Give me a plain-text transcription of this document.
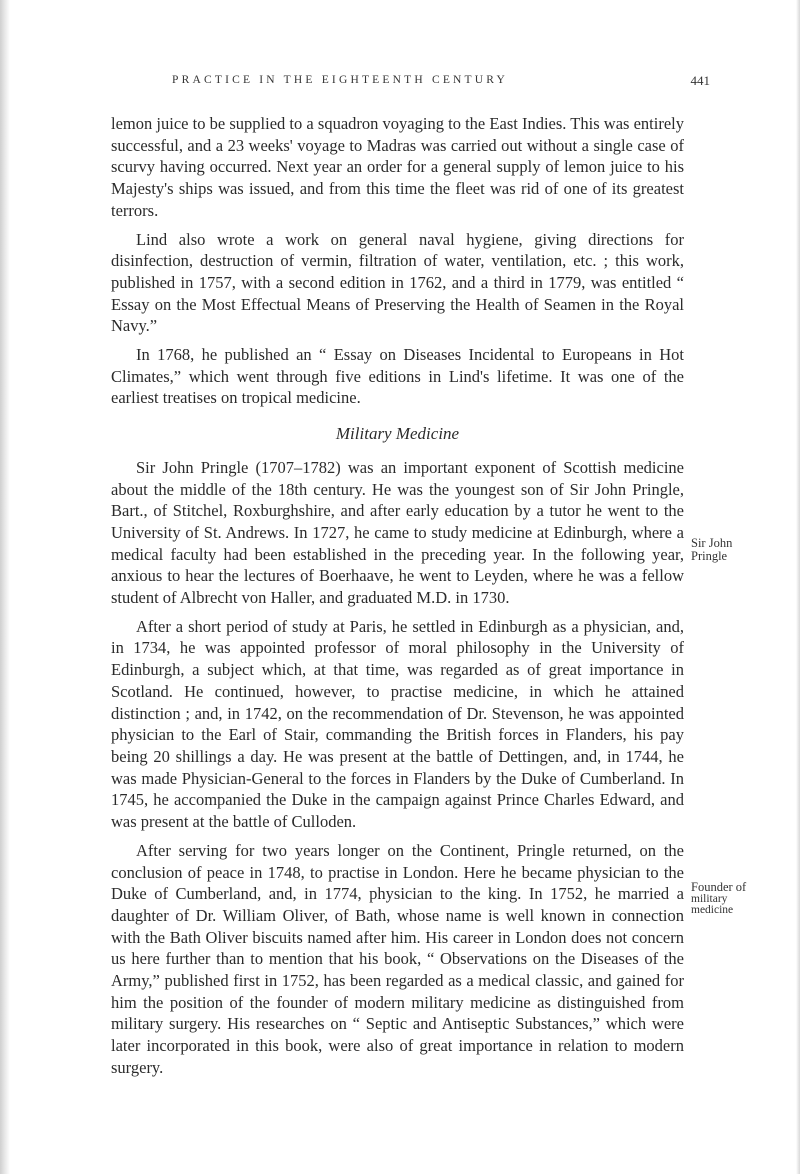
PRACTICE IN THE EIGHTEENTH CENTURY	441

lemon juice to be supplied to a squadron voyaging to the East Indies. This was entirely successful, and a 23 weeks' voyage to Madras was carried out without a single case of scurvy having occurred. Next year an order for a general supply of lemon juice to his Majesty's ships was issued, and from this time the fleet was rid of one of its greatest terrors.

Lind also wrote a work on general naval hygiene, giving directions for disinfection, destruction of vermin, filtration of water, ventilation, etc. ; this work, published in 1757, with a second edition in 1762, and a third in 1779, was entitled “ Essay on the Most Effectual Means of Preserving the Health of Seamen in the Royal Navy.”

In 1768, he published an “ Essay on Diseases Incidental to Europeans in Hot Climates,” which went through five editions in Lind's lifetime. It was one of the earliest treatises on tropical medicine.

Military Medicine

Sir John Pringle (1707–1782) was an important exponent of Scottish medicine about the middle of the 18th century. He was the youngest son of Sir John Pringle, Bart., of Stitchel, Roxburghshire, and after early education by a tutor he went to the University of St. Andrews. In 1727, he came to study medicine at Edinburgh, where a medical faculty had been established in the preceding year. In the following year, anxious to hear the lectures of Boerhaave, he went to Leyden, where he was a fellow student of Albrecht von Haller, and graduated M.D. in 1730.

After a short period of study at Paris, he settled in Edinburgh as a physician, and, in 1734, he was appointed professor of moral philosophy in the University of Edinburgh, a subject which, at that time, was regarded as of great importance in Scotland. He continued, however, to practise medicine, in which he attained distinction ; and, in 1742, on the recommendation of Dr. Stevenson, he was appointed physician to the Earl of Stair, commanding the British forces in Flanders, his pay being 20 shillings a day. He was present at the battle of Dettingen, and, in 1744, he was made Physician-General to the forces in Flanders by the Duke of Cumberland. In 1745, he accompanied the Duke in the campaign against Prince Charles Edward, and was present at the battle of Culloden.

After serving for two years longer on the Continent, Pringle returned, on the conclusion of peace in 1748, to practise in London. Here he became physician to the Duke of Cumberland, and, in 1774, physician to the king. In 1752, he married a daughter of Dr. William Oliver, of Bath, whose name is well known in connection with the Bath Oliver biscuits named after him. His career in London does not concern us here further than to mention that his book, “ Observations on the Diseases of the Army,” published first in 1752, has been regarded as a medical classic, and gained for him the position of the founder of modern military medicine as distinguished from military surgery. His researches on “ Septic and Antiseptic Substances,” which were later incorporated in this book, were also of great importance in relation to modern surgery.

Sir John
Pringle
Founder of
military
medicine
